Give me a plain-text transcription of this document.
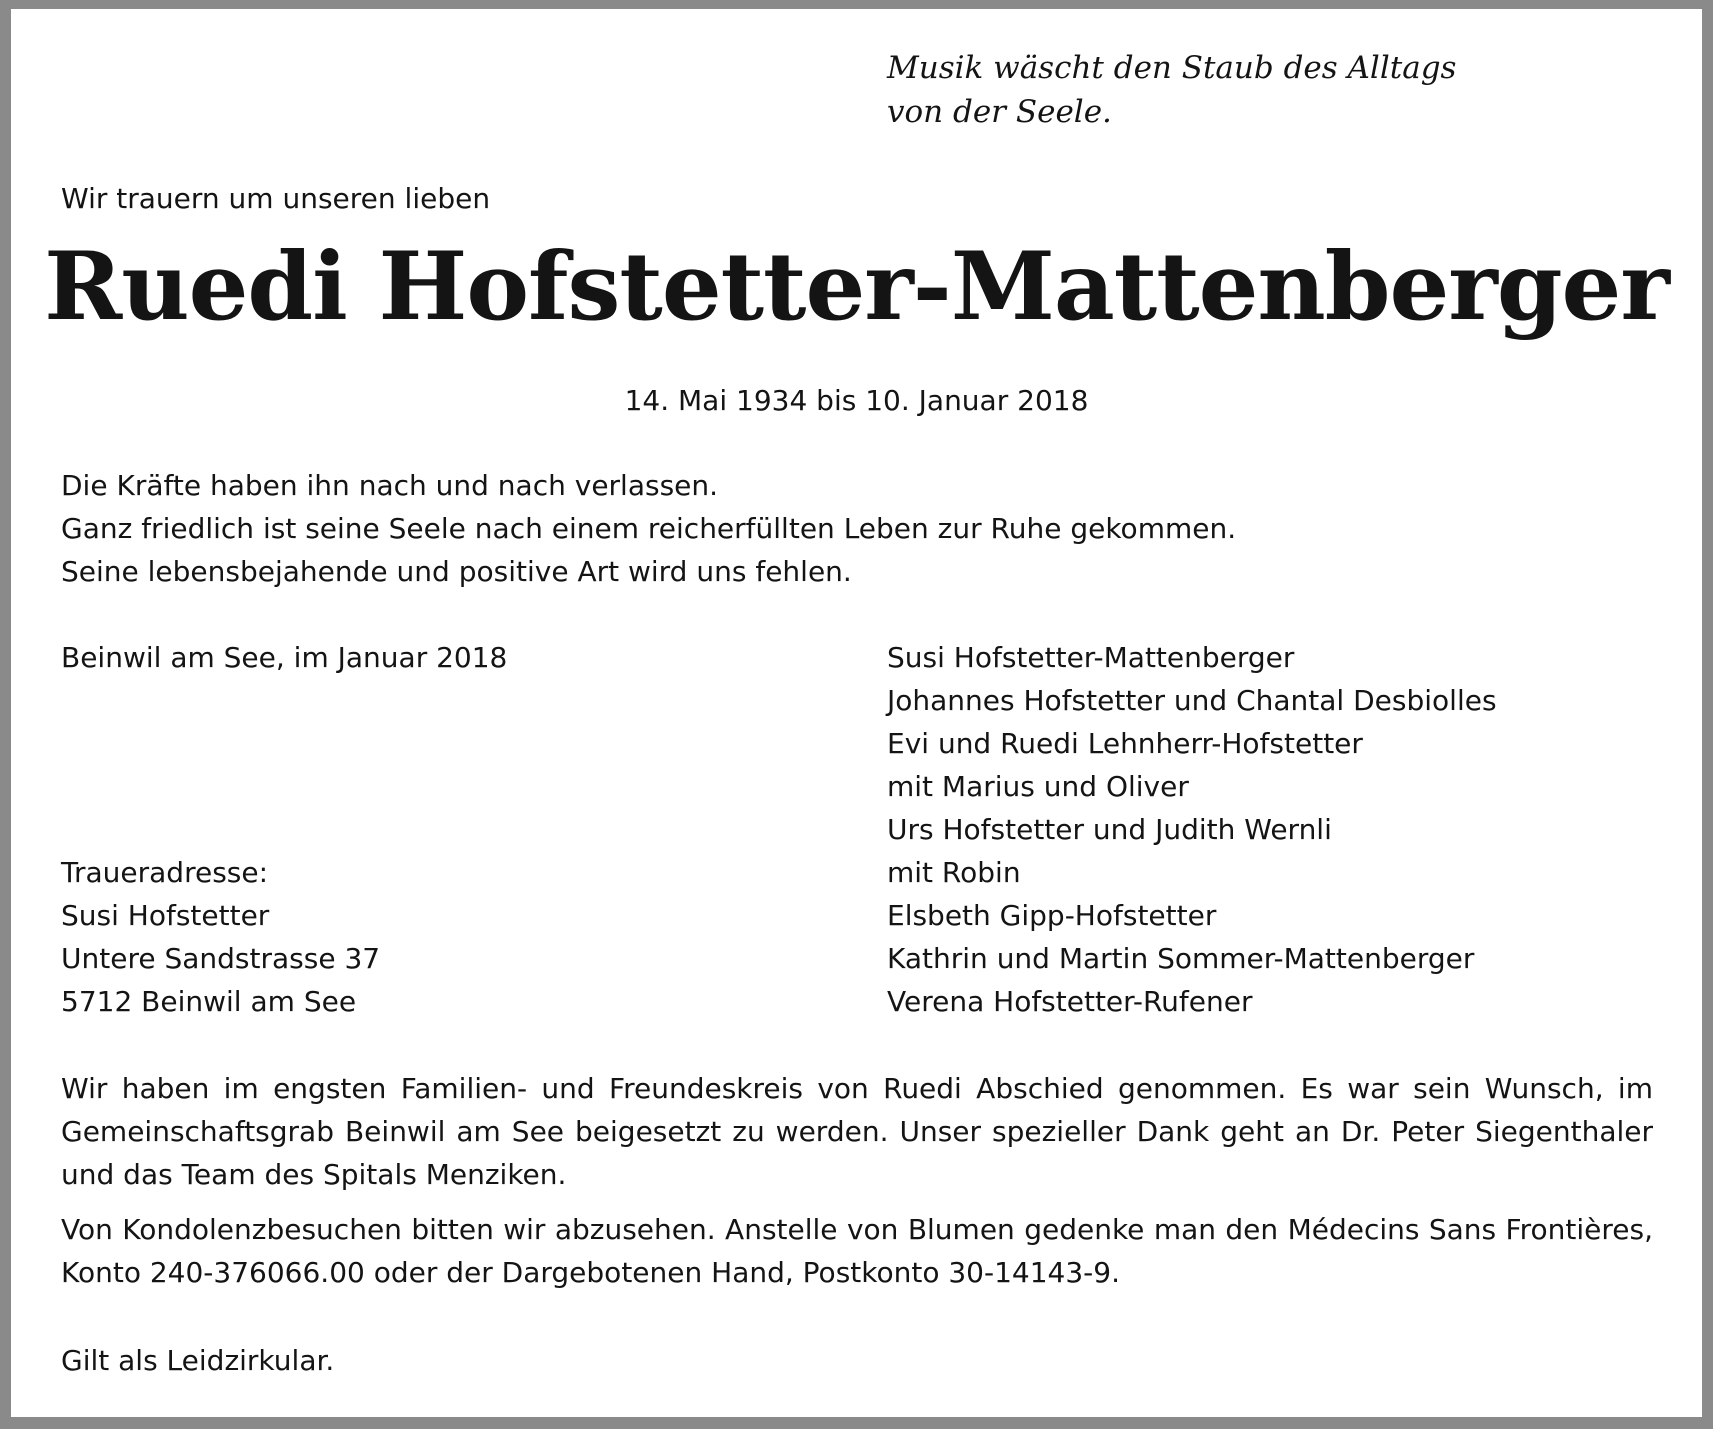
Musik wäscht den Staub des Alltags
von der Seele.

Wir trauern um unseren lieben

Ruedi Hofstetter-Mattenberger

14. Mai 1934 bis 10. Januar 2018

Die Kräfte haben ihn nach und nach verlassen.
Ganz friedlich ist seine Seele nach einem reicherfüllten Leben zur Ruhe gekommen.
Seine lebensbejahende und positive Art wird uns fehlen.

Beinwil am See, im Januar 2018

Traueradresse:
Susi Hofstetter
Untere Sandstrasse 37
5712 Beinwil am See
Susi Hofstetter-Mattenberger
Johannes Hofstetter und Chantal Desbiolles
Evi und Ruedi Lehnherr-Hofstetter
mit Marius und Oliver
Urs Hofstetter und Judith Wernli
mit Robin
Elsbeth Gipp-Hofstetter
Kathrin und Martin Sommer-Mattenberger
Verena Hofstetter-Rufener

Wir haben im engsten Familien- und Freundeskreis von Ruedi Abschied genommen. Es war sein Wunsch, im Gemeinschaftsgrab Beinwil am See beigesetzt zu werden. Unser spezieller Dank geht an Dr. Peter Siegenthaler und das Team des Spitals Menziken.

Von Kondolenzbesuchen bitten wir abzusehen. Anstelle von Blumen gedenke man den Médecins Sans Frontières, Konto 240-376066.00 oder der Dargebotenen Hand, Postkonto 30-14143-9.

Gilt als Leidzirkular.
